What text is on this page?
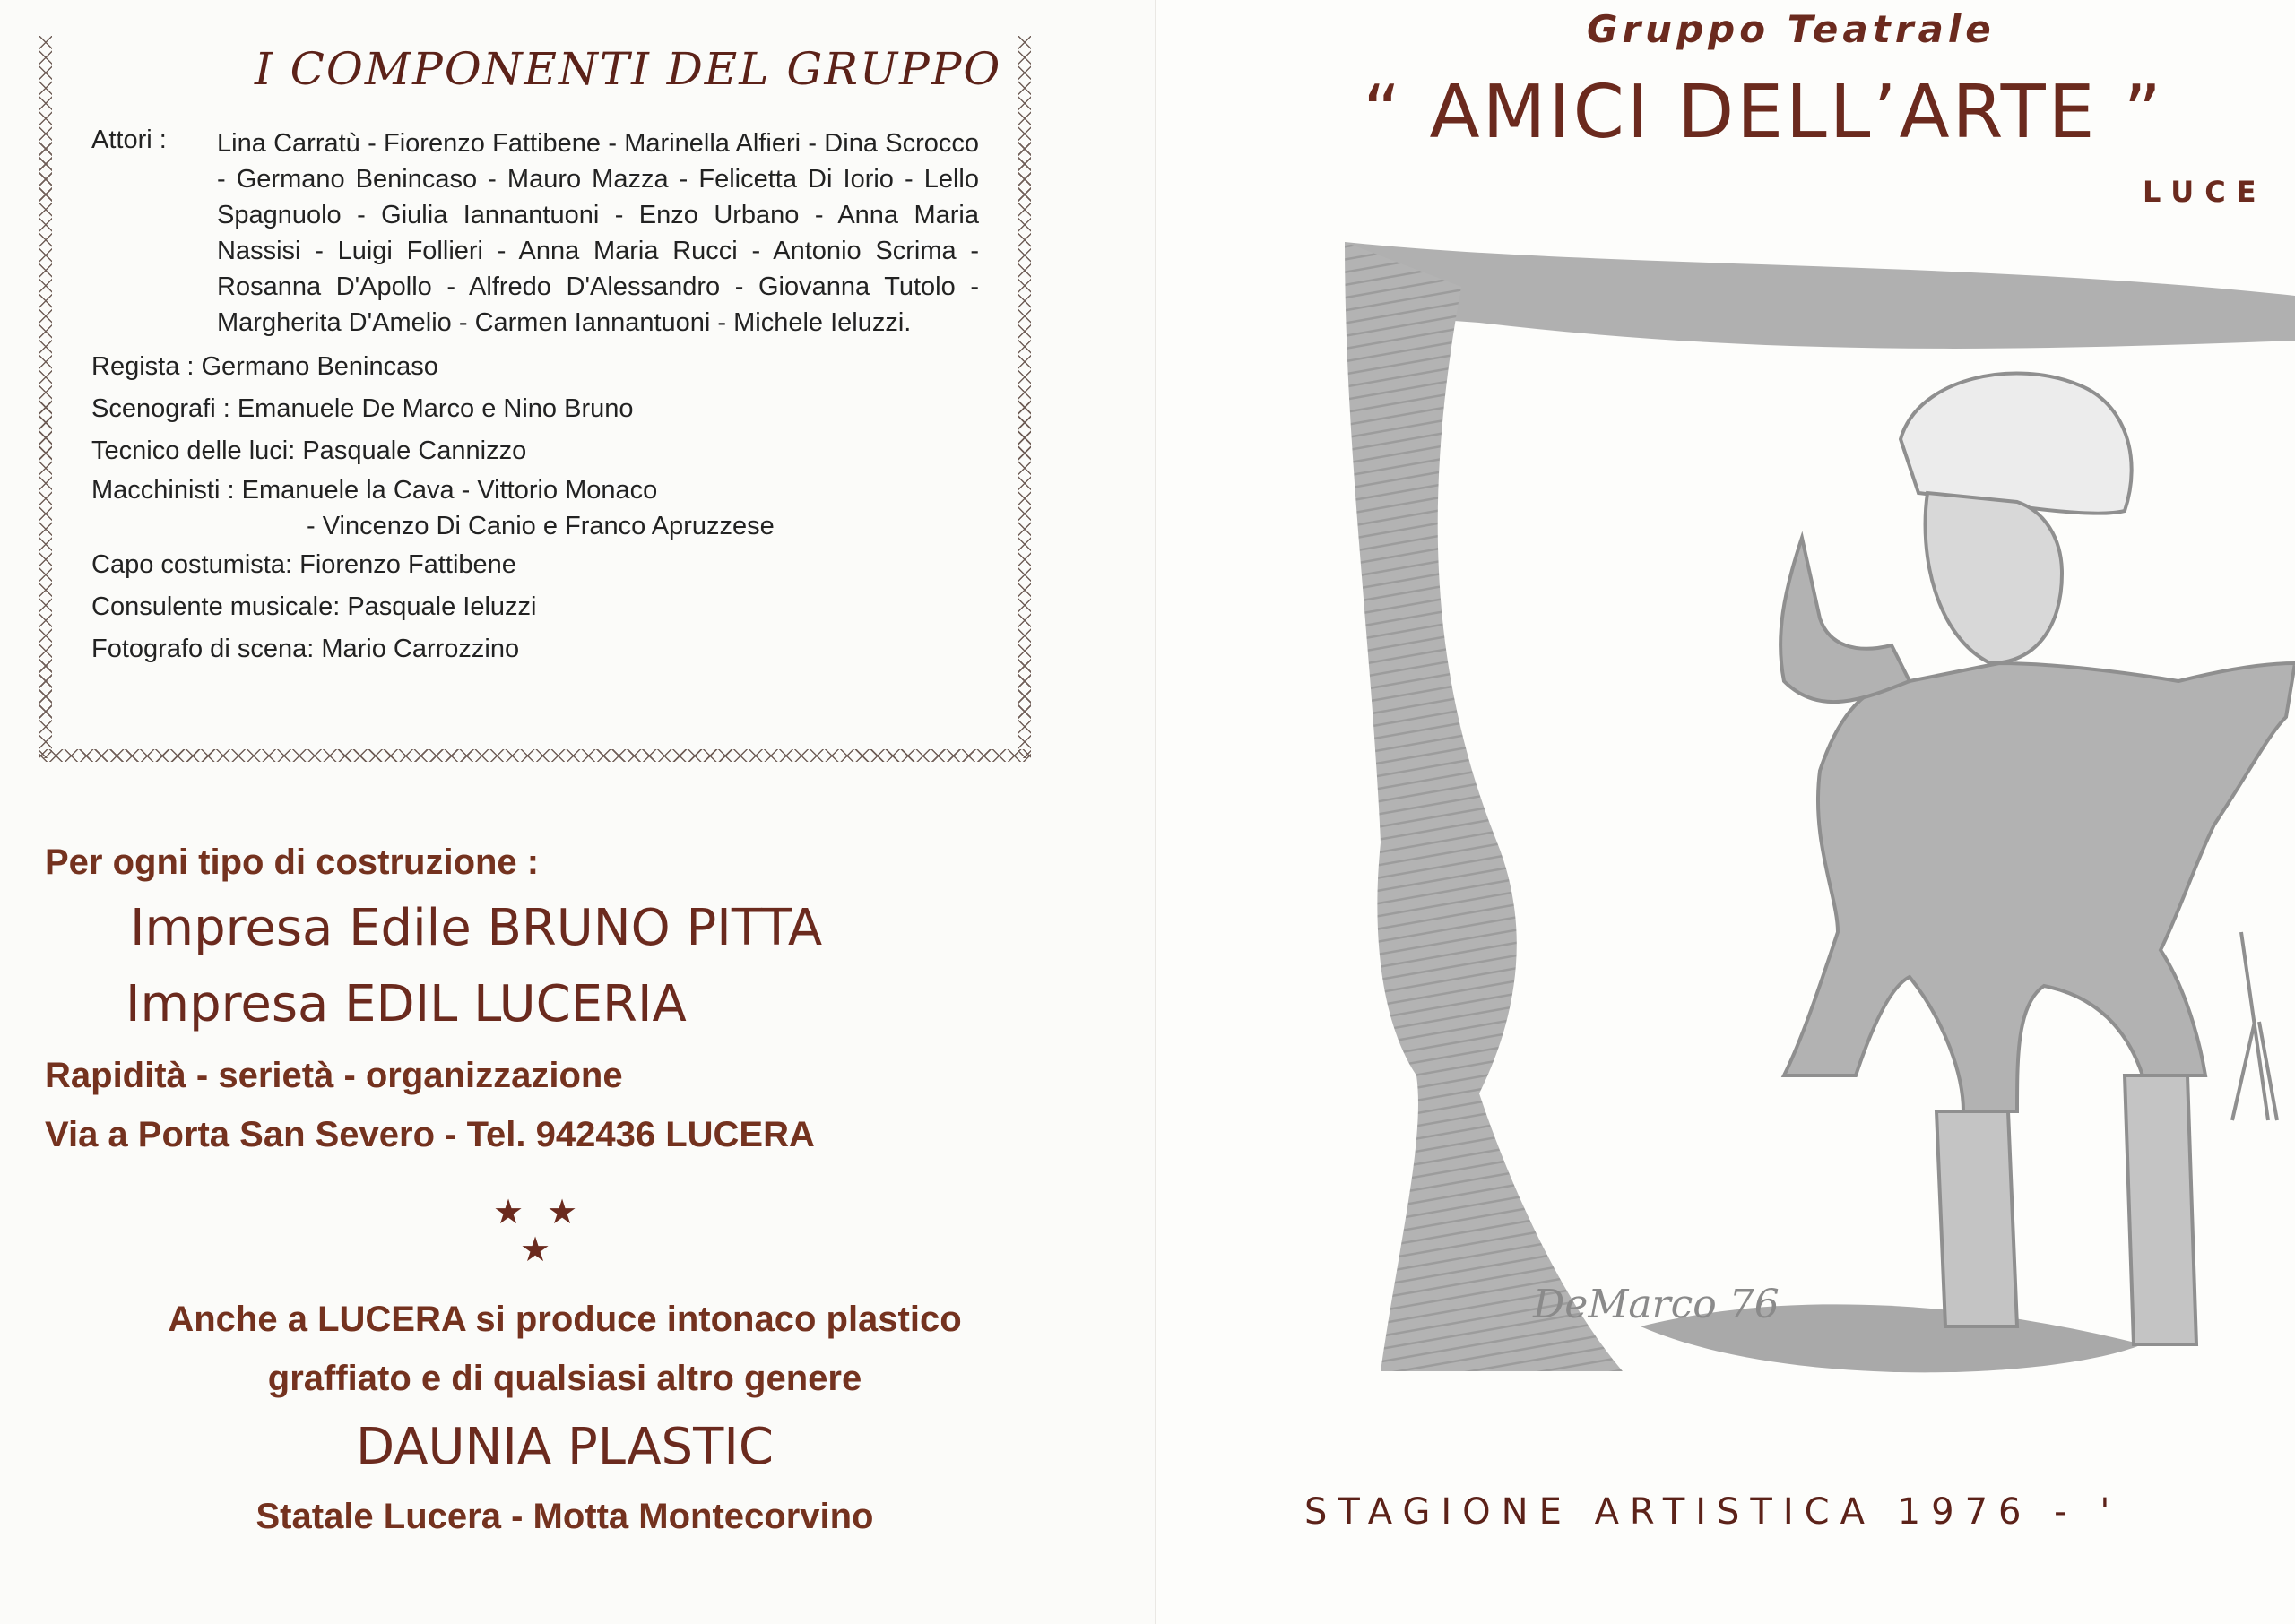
I COMPONENTI DEL GRUPPO
Attori :	Lina Carratù - Fiorenzo Fattibene - Marinella Alfieri - Dina Scrocco - Germano Benincaso - Mauro Mazza - Felicetta Di Iorio - Lello Spagnuolo - Giulia Iannantuoni - Enzo Urbano - Anna Maria Nassisi - Luigi Follieri - Anna Maria Rucci - Antonio Scrima - Rosanna D'Apollo - Alfredo D'Alessandro - Giovanna Tutolo - Margherita D'Amelio - Carmen Iannantuoni - Michele Ieluzzi.
Regista : Germano Benincaso
Scenografi : Emanuele De Marco e Nino Bruno
Tecnico delle luci: Pasquale Cannizzo
Macchinisti : Emanuele la Cava - Vittorio Monaco
- Vincenzo Di Canio e Franco Apruzzese
Capo costumista: Fiorenzo Fattibene
Consulente musicale: Pasquale Ieluzzi
Fotografo di scena: Mario Carrozzino
Per ogni tipo di costruzione :
Impresa Edile BRUNO PITTA
Impresa EDIL LUCERIA
Rapidità - serietà - organizzazione
Via a Porta San Severo - Tel. 942436 LUCERA
★ ★
★
Anche a LUCERA si produce intonaco plastico
graffiato e di qualsiasi altro genere
DAUNIA PLASTIC
Statale Lucera - Motta Montecorvino
Gruppo Teatrale
“ AMICI DELL’ARTE ”
LUCE
DeMarco 76
STAGIONE ARTISTICA 1976 - '
